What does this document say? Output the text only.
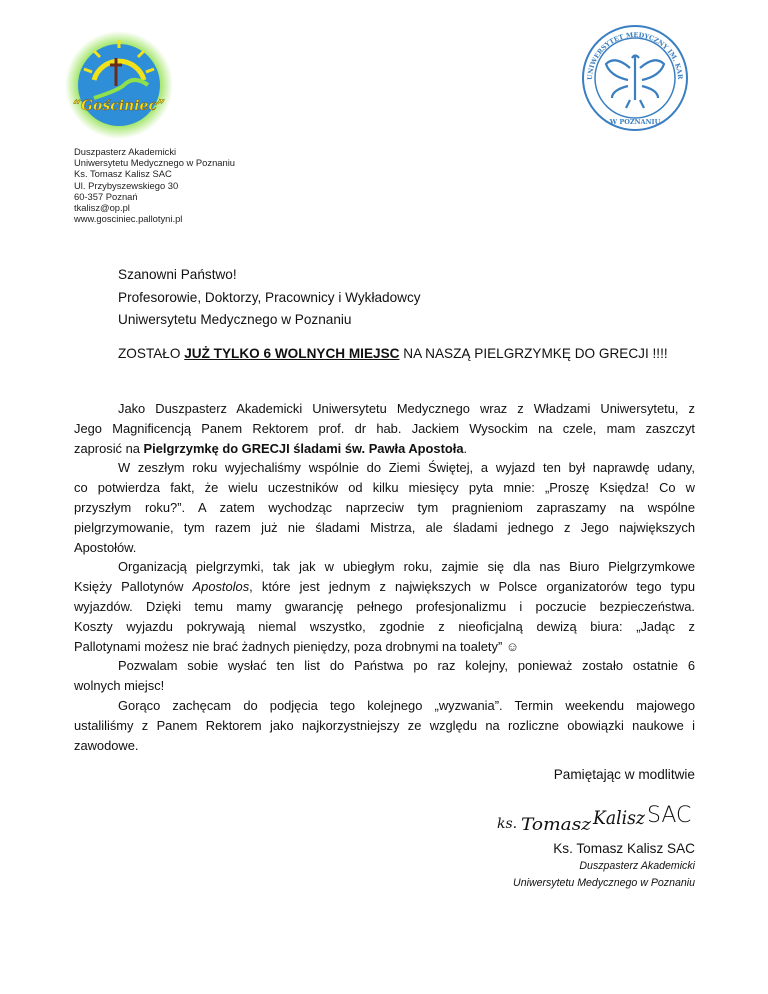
“Gościniec”
UNIWERSYTET MEDYCZNY IM. KAR
W POZNANIU
Duszpasterz Akademicki
Uniwersytetu Medycznego w Poznaniu
Ks. Tomasz Kalisz SAC
Ul. Przybyszewskiego 30
60-357 Poznań
tkalisz@op.pl
www.gosciniec.pallotyni.pl
Szanowni Państwo!
Profesorowie, Doktorzy, Pracownicy i Wykładowcy
Uniwersytetu Medycznego w Poznaniu
ZOSTAŁO JUŻ TYLKO 6 WOLNYCH MIEJSC NA NASZĄ PIELGRZYMKĘ DO GRECJI !!!!
Jako Duszpasterz Akademicki Uniwersytetu Medycznego wraz z Władzami Uniwersytetu, z
Jego Magnificencją Panem Rektorem prof. dr hab. Jackiem Wysockim na czele, mam zaszczyt
zaprosić na Pielgrzymkę do GRECJI śladami św. Pawła Apostoła.
W zeszłym roku wyjechaliśmy wspólnie do Ziemi Świętej, a wyjazd ten był naprawdę udany,
co potwierdza fakt, że wielu uczestników od kilku miesięcy pyta mnie: „Proszę Księdza! Co w
przyszłym roku?”. A zatem wychodząc naprzeciw tym pragnieniom zapraszamy na wspólne
pielgrzymowanie, tym razem już nie śladami Mistrza, ale śladami jednego z Jego największych
Apostołów.
Organizacją pielgrzymki, tak jak w ubiegłym roku, zajmie się dla nas Biuro Pielgrzymkowe
Księży Pallotynów Apostolos, które jest jednym z największych w Polsce organizatorów tego typu
wyjazdów. Dzięki temu mamy gwarancję pełnego profesjonalizmu i poczucie bezpieczeństwa.
Koszty wyjazdu pokrywają niemal wszystko, zgodnie z nieoficjalną dewizą biura: „Jadąc z
Pallotynami możesz nie brać żadnych pieniędzy, poza drobnymi na toalety” ☺
Pozwalam sobie wysłać ten list do Państwa po raz kolejny, ponieważ zostało ostatnie 6
wolnych miejsc!
Gorąco zachęcam do podjęcia tego kolejnego „wyzwania”. Termin weekendu majowego
ustaliliśmy z Panem Rektorem jako najkorzystniejszy ze względu na rozliczne obowiązki naukowe i
zawodowe.
Pamiętając w modlitwie
ks. Tomasz Kalisz SAC
Ks. Tomasz Kalisz SAC
Duszpasterz Akademicki
Uniwersytetu Medycznego w Poznaniu
